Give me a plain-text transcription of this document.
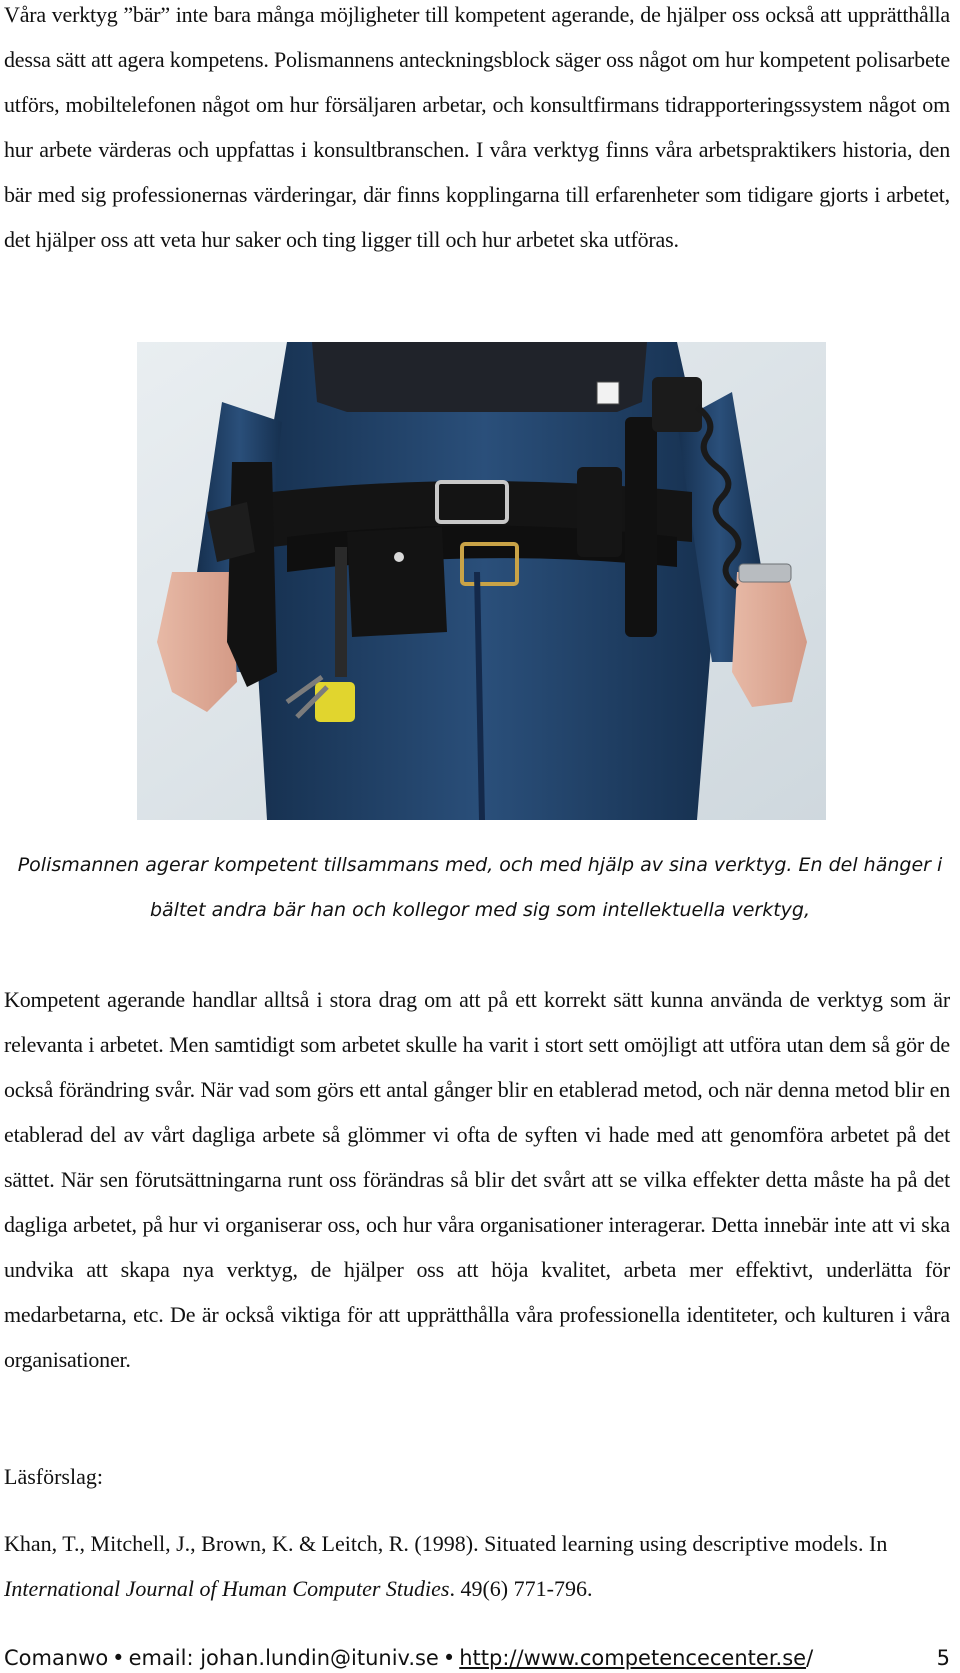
Våra verktyg ”bär” inte bara många möjligheter till kompetent agerande, de hjälper oss också att upprätthålla dessa sätt att agera kompetens. Polismannens anteckningsblock säger oss något om hur kompetent polisarbete utförs, mobiltelefonen något om hur försäljaren arbetar, och konsultfirmans tidrapporteringssystem något om hur arbete värderas och uppfattas i konsultbranschen. I våra verktyg finns våra arbetspraktikers historia, den bär med sig professionernas värderingar, där finns kopplingarna till erfarenheter som tidigare gjorts i arbetet, det hjälper oss att veta hur saker och ting ligger till och hur arbetet ska utföras.

Polismannen agerar kompetent tillsammans med, och med hjälp av sina verktyg. En del hänger i bältet andra bär han och kollegor med sig som intellektuella verktyg,

Kompetent agerande handlar alltså i stora drag om att på ett korrekt sätt kunna använda de verktyg som är relevanta i arbetet. Men samtidigt som arbetet skulle ha varit i stort sett omöjligt att utföra utan dem så gör de också förändring svår. När vad som görs ett antal gånger blir en etablerad metod, och när denna metod blir en etablerad del av vårt dagliga arbete så glömmer vi ofta de syften vi hade med att genomföra arbetet på det sättet. När sen förutsättningarna runt oss förändras så blir det svårt att se vilka effekter detta måste ha på det dagliga arbetet, på hur vi organiserar oss, och hur våra organisationer interagerar. Detta innebär inte att vi ska undvika att skapa nya verktyg, de hjälper oss att höja kvalitet, arbeta mer effektivt, underlätta för medarbetarna, etc. De är också viktiga för att upprätthålla våra professionella identiteter, och kulturen i våra organisationer.

Läsförslag:

Khan, T., Mitchell, J., Brown, K. & Leitch, R. (1998). Situated learning using descriptive models. In International Journal of Human Computer Studies. 49(6) 771-796.

Comanwo • email: johan.lundin@ituniv.se • http://www.competencecenter.se/	5
